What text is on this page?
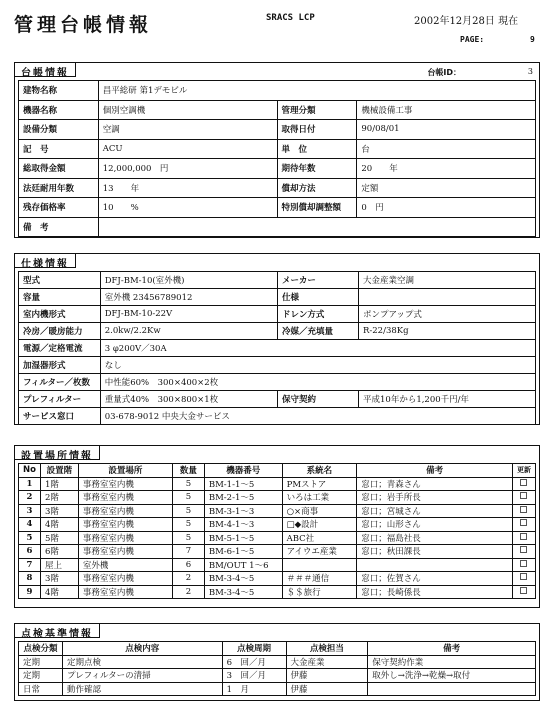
管理台帳情報	SRACS LCP	2002年12月28日 現在
PAGE:	9
台帳情報	台帳ID：	3
建物名称	昌平総研 第1デモビル		
機器名称	個別空調機	管理分類	機械設備工事
設備分類	空調	取得日付	90/08/01
記　号	ACU	単　位	台
総取得金額	12,000,000　円	期待年数	20　　年
法廷耐用年数	13　　年	償却方法	定額
残存価格率	10　　%	特別償却調整額	0　円
備　考			
仕様情報
型式	DFJ-BM-10(室外機)	メーカー	大金産業空調
容量	室外機 23456789012	仕様	
室内機形式	DFJ-BM-10-22V	ドレン方式	ポンプアップ式
冷房／暖房能力	2.0kw/2.2Kw	冷媒／充填量	R-22/38Kg
電源／定格電流	3 φ200V／30A		
加湿器形式	なし		
フィルター／枚数	中性能60%　300×400×2枚		
プレフィルター	重量式40%　300×800×1枚	保守契約	平成10年から1,200千円/年
サービス窓口	03-678-9012 中央大金サービス		
設置場所情報
No	設置階	設置場所	数量	機器番号	系統名	備考	更新
1	1階	事務室室内機	5	BM-1-1～5	PMストア	窓口；青森さん	
2	2階	事務室室内機	5	BM-2-1～5	いろは工業	窓口；岩手所長	
3	3階	事務室室内機	5	BM-3-1～3	○×商事	窓口；宮城さん	
4	4階	事務室室内機	5	BM-4-1～3	□◆設計	窓口；山形さん	
5	5階	事務室室内機	5	BM-5-1～5	ABC社	窓口；福島社長	
6	6階	事務室室内機	7	BM-6-1～5	アイウエ産業	窓口；秋田課長	
7	屋上	室外機	6	BM/OUT 1～6			
8	3階	事務室室内機	2	BM-3-4～5	＃＃＃通信	窓口；佐賀さん	
9	4階	事務室室内機	2	BM-3-4～5	＄＄旅行	窓口；長崎係長	
点検基準情報
点検分類	点検内容	点検周期	点検担当	備考
定期	定期点検	6　回／月	大金産業	保守契約作業
定期	プレフィルターの清掃	3　回／月	伊藤	取外し→洗浄→乾燥→取付
日常	動作確認	1　月	伊藤	
